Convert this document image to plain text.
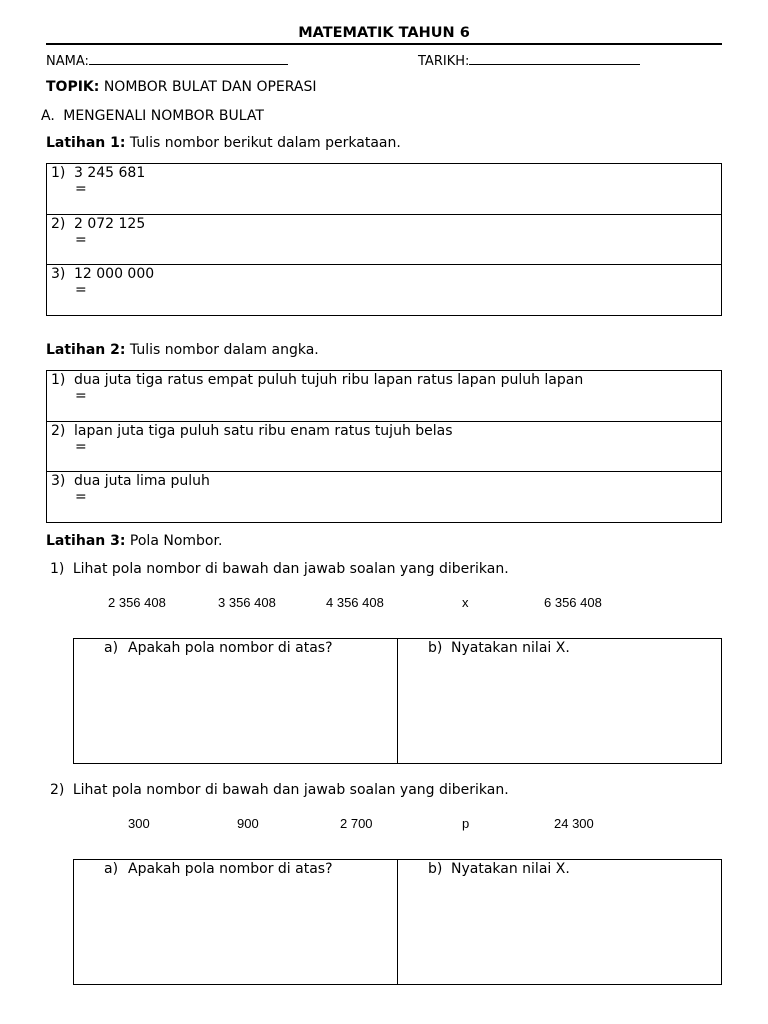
MATEMATIK TAHUN 6
NAMA:	TARIKH:
TOPIK: NOMBOR BULAT DAN OPERASI
A. MENGENALI NOMBOR BULAT
Latihan 1: Tulis nombor berikut dalam perkataan.
1) 3 245 681
=
2) 2 072 125
=
3) 12 000 000
=
Latihan 2: Tulis nombor dalam angka.
1) dua juta tiga ratus empat puluh tujuh ribu lapan ratus lapan puluh lapan
=
2) lapan juta tiga puluh satu ribu enam ratus tujuh belas
=
3) dua juta lima puluh
=
Latihan 3: Pola Nombor.
1) Lihat pola nombor di bawah dan jawab soalan yang diberikan.
2 356 408	3 356 408	4 356 408	x	6 356 408
a) Apakah pola nombor di atas?	b) Nyatakan nilai X.
2) Lihat pola nombor di bawah dan jawab soalan yang diberikan.
300	900	2 700	p	24 300
a) Apakah pola nombor di atas?	b) Nyatakan nilai X.
